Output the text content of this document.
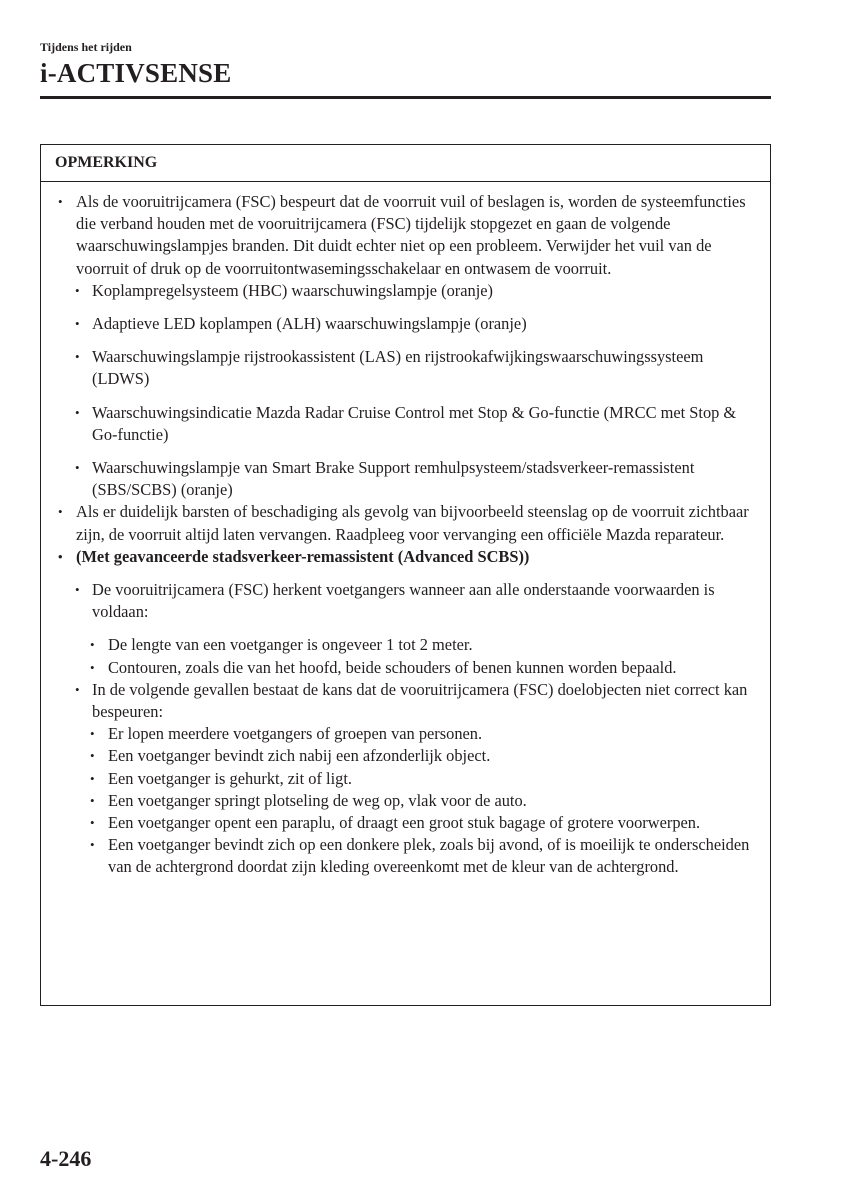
Tijdens het rijden
i-ACTIVSENSE
OPMERKING
• Als de vooruitrijcamera (FSC) bespeurt dat de voorruit vuil of beslagen is, worden de systeemfuncties die verband houden met de vooruitrijcamera (FSC) tijdelijk stopgezet en gaan de volgende waarschuwingslampjes branden. Dit duidt echter niet op een probleem. Verwijder het vuil van de voorruit of druk op de voorruitontwasemingsschakelaar en ontwasem de voorruit.
• Koplampregelsysteem (HBC) waarschuwingslampje (oranje)
• Adaptieve LED koplampen (ALH) waarschuwingslampje (oranje)
• Waarschuwingslampje rijstrookassistent (LAS) en rijstrookafwijkingswaarschuwingssysteem (LDWS)
• Waarschuwingsindicatie Mazda Radar Cruise Control met Stop & Go-functie (MRCC met Stop & Go-functie)
• Waarschuwingslampje van Smart Brake Support remhulpsysteem/stadsverkeer-remassistent (SBS/SCBS) (oranje)
• Als er duidelijk barsten of beschadiging als gevolg van bijvoorbeeld steenslag op de voorruit zichtbaar zijn, de voorruit altijd laten vervangen. Raadpleeg voor vervanging een officiële Mazda reparateur.
• (Met geavanceerde stadsverkeer-remassistent (Advanced SCBS))
• De vooruitrijcamera (FSC) herkent voetgangers wanneer aan alle onderstaande voorwaarden is voldaan:
• De lengte van een voetganger is ongeveer 1 tot 2 meter.
• Contouren, zoals die van het hoofd, beide schouders of benen kunnen worden bepaald.
• In de volgende gevallen bestaat de kans dat de vooruitrijcamera (FSC) doelobjecten niet correct kan bespeuren:
• Er lopen meerdere voetgangers of groepen van personen.
• Een voetganger bevindt zich nabij een afzonderlijk object.
• Een voetganger is gehurkt, zit of ligt.
• Een voetganger springt plotseling de weg op, vlak voor de auto.
• Een voetganger opent een paraplu, of draagt een groot stuk bagage of grotere voorwerpen.
• Een voetganger bevindt zich op een donkere plek, zoals bij avond, of is moeilijk te onderscheiden van de achtergrond doordat zijn kleding overeenkomt met de kleur van de achtergrond.
4-246
